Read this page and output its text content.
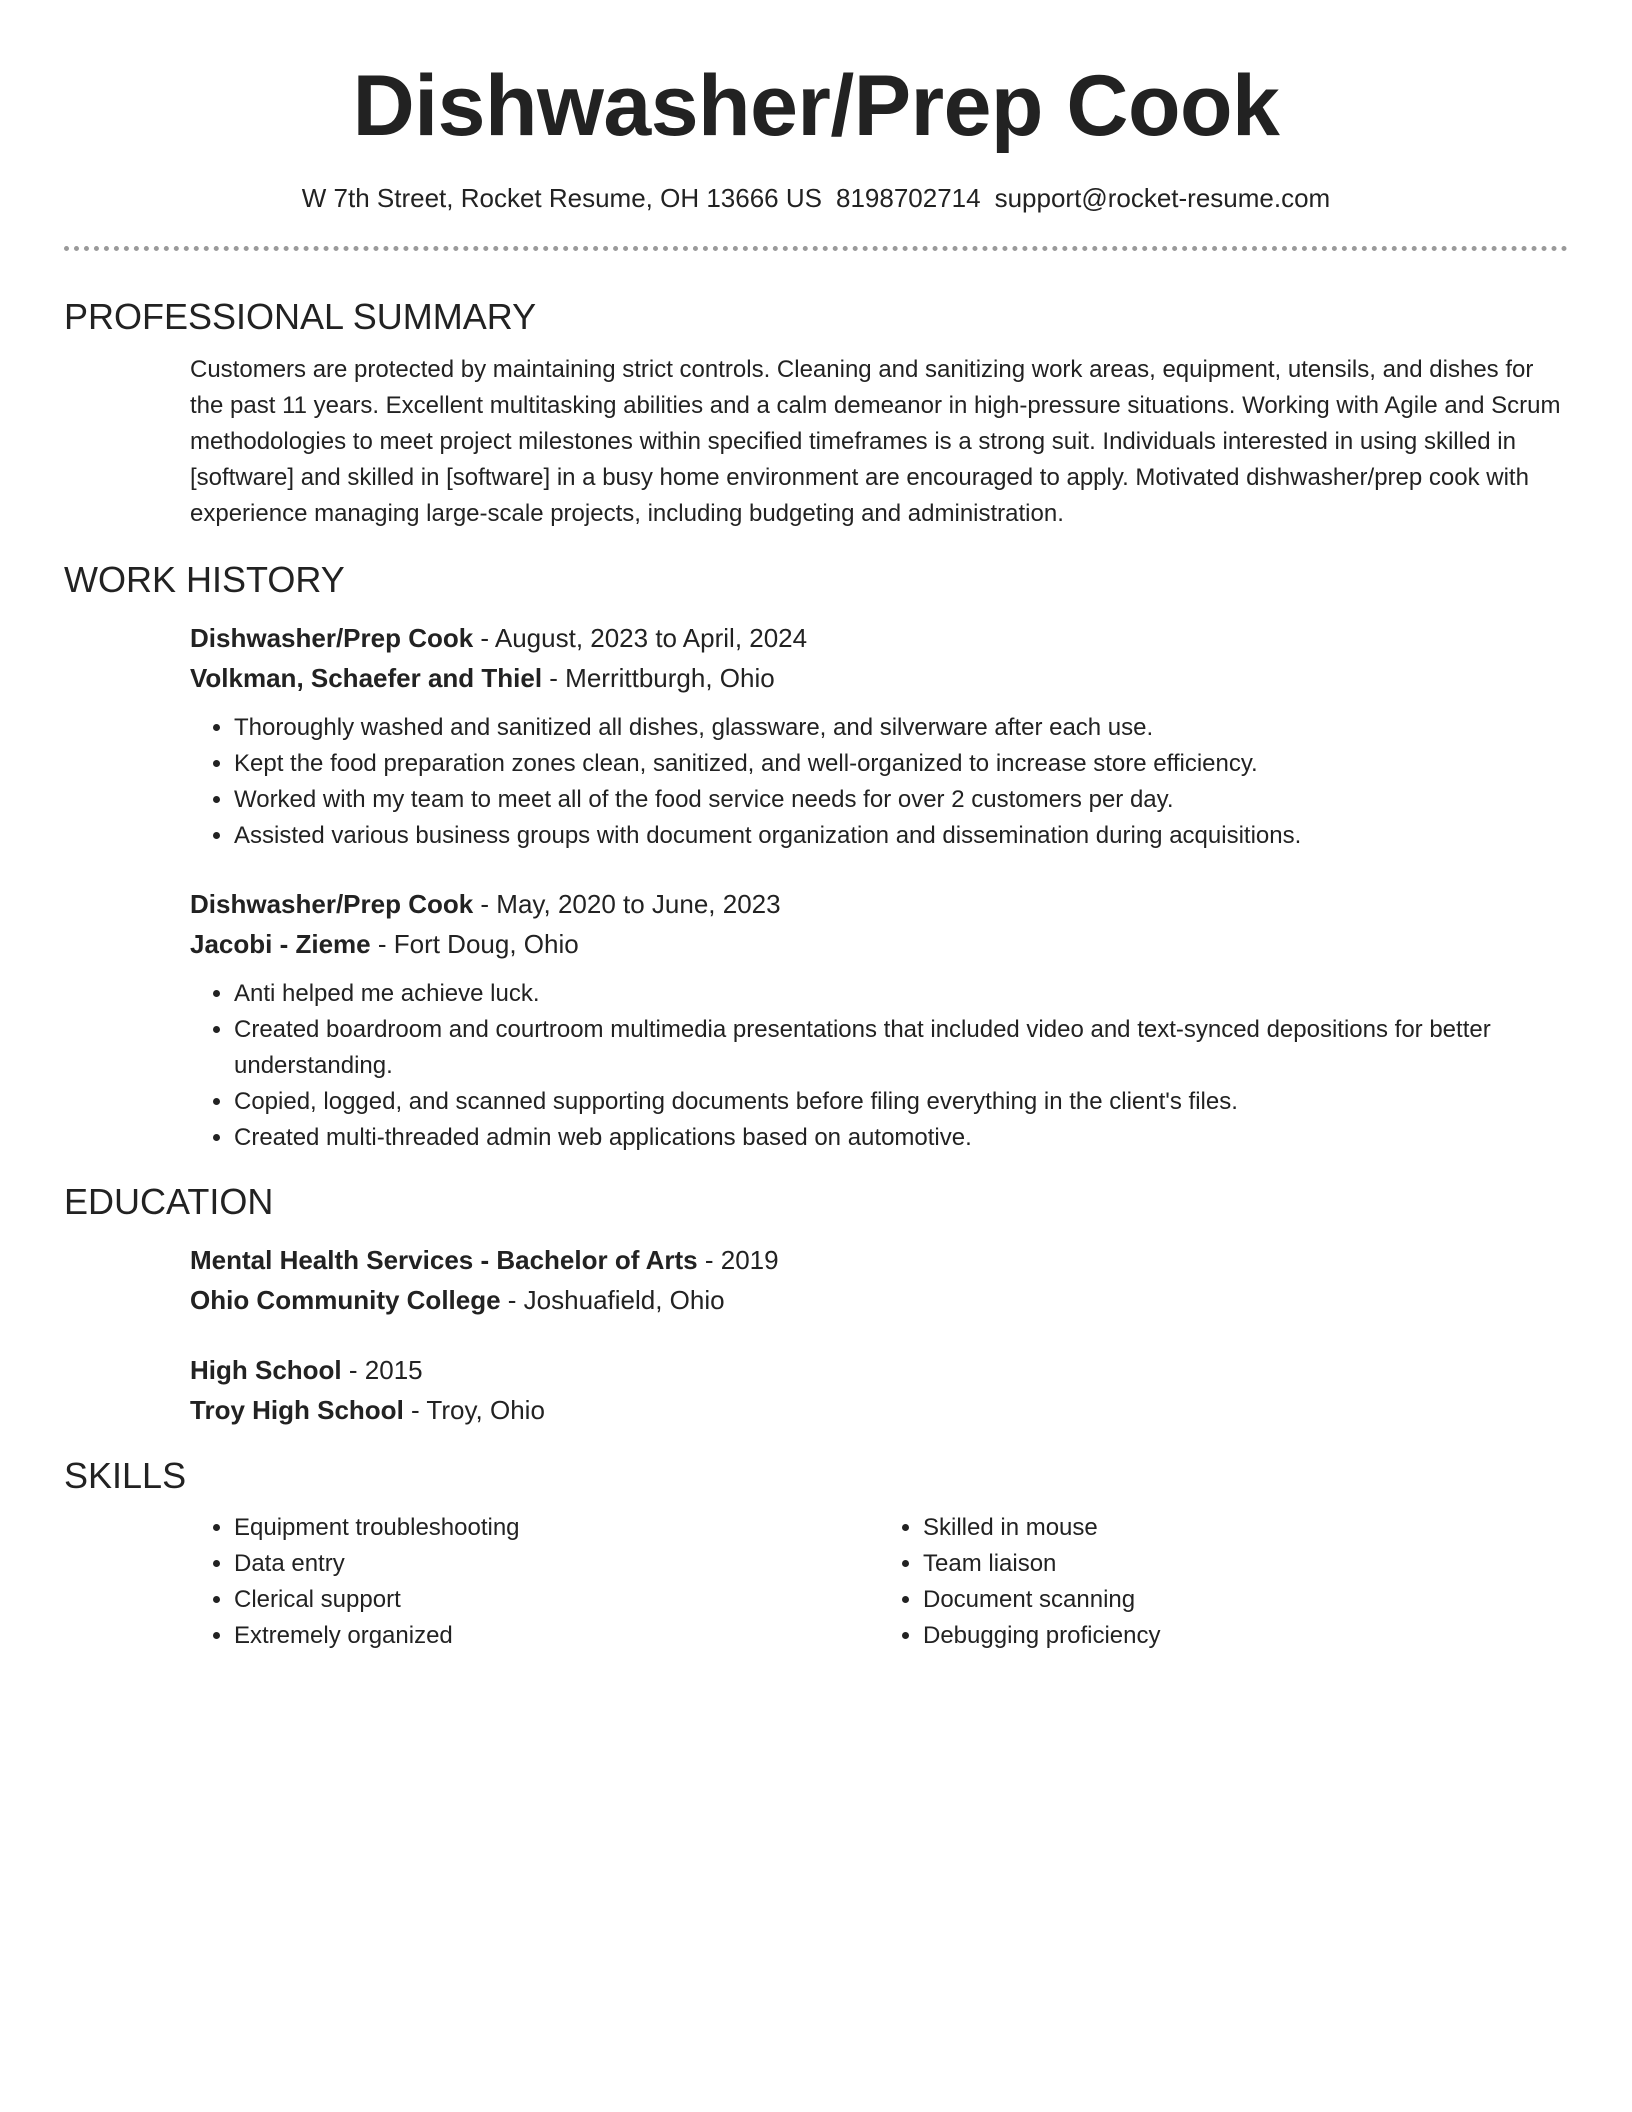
Dishwasher/Prep Cook
W 7th Street, Rocket Resume, OH 13666 US 8198702714 support@rocket-resume.com
PROFESSIONAL SUMMARY
Customers are protected by maintaining strict controls. Cleaning and sanitizing work areas, equipment, utensils, and dishes for the past 11 years. Excellent multitasking abilities and a calm demeanor in high-pressure situations. Working with Agile and Scrum methodologies to meet project milestones within specified timeframes is a strong suit. Individuals interested in using skilled in [software] and skilled in [software] in a busy home environment are encouraged to apply. Motivated dishwasher/prep cook with experience managing large-scale projects, including budgeting and administration.
WORK HISTORY
Dishwasher/Prep Cook - August, 2023 to April, 2024
Volkman, Schaefer and Thiel - Merrittburgh, Ohio
• Thoroughly washed and sanitized all dishes, glassware, and silverware after each use.
• Kept the food preparation zones clean, sanitized, and well-organized to increase store efficiency.
• Worked with my team to meet all of the food service needs for over 2 customers per day.
• Assisted various business groups with document organization and dissemination during acquisitions.
Dishwasher/Prep Cook - May, 2020 to June, 2023
Jacobi - Zieme - Fort Doug, Ohio
• Anti helped me achieve luck.
• Created boardroom and courtroom multimedia presentations that included video and text-synced depositions for better understanding.
• Copied, logged, and scanned supporting documents before filing everything in the client's files.
• Created multi-threaded admin web applications based on automotive.
EDUCATION
Mental Health Services - Bachelor of Arts - 2019
Ohio Community College - Joshuafield, Ohio
High School - 2015
Troy High School - Troy, Ohio
SKILLS
• Equipment troubleshooting
• Data entry
• Clerical support
• Extremely organized
• Skilled in mouse
• Team liaison
• Document scanning
• Debugging proficiency
